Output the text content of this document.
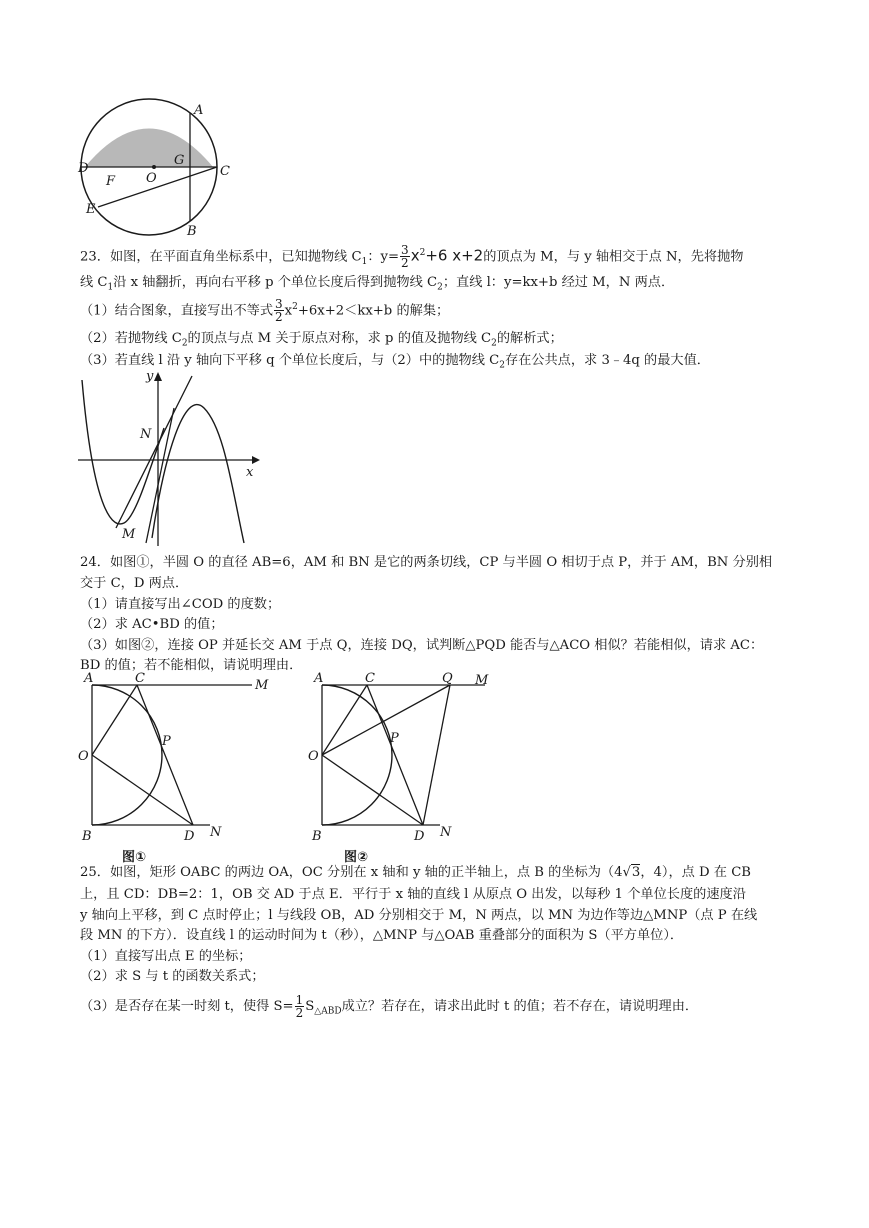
A
D
G
C
F O
E
B
23．如图，在平面直角坐标系中，已知抛物线 $C_1$：$y= \frac{3}{2} x^2+6$ x+2的顶点为 M，与 y 轴相交于点 N，先将抛物
线 $C_1$沿 x 轴翻折，再向右平移 p 个单位长度后得到抛物线 $C_2$；直线 l：y=kx+b 经过 M，N 两点．
（1）结合图象，直接写出不等式 $\frac{3}{2} x^2+6x+2<kx+b$ 的解集；
（2）若抛物线 $C_2$的顶点与点 M 关于原点对称，求 p 的值及抛物线 $C_2$的解析式；
（3）若直线 l 沿 y 轴向下平移 q 个单位长度后，与（2）中的抛物线 $C_2$存在公共点，求 3﹣4q 的最大值．
y
N
x
M
24．如图①，半圆 O 的直径 AB=6，AM 和 BN 是它的两条切线，CP 与半圆 O 相切于点 P，并于 AM，BN 分别相
交于 C，D 两点．
（1）请直接写出∠COD 的度数；
（2）求 AC•BD 的值；
（3）如图②，连接 OP 并延长交 AM 于点 Q，连接 DQ，试判断△PQD 能否与△ACO 相似？若能相似，请求 AC：
BD 的值；若不能相似，请说明理由．
A	C	M
P
O
B	D N
图①
A	C	Q M
P
O
B	D N
图②
25．如图，矩形 OABC 的两边 OA，OC 分别在 x 轴和 y 轴的正半轴上，点 B 的坐标为（4√3，4），点 D 在 CB
上，且 CD：DB=2：1，OB 交 AD 于点 E．平行于 x 轴的直线 l 从原点 O 出发，以每秒 1 个单位长度的速度沿
y 轴向上平移，到 C 点时停止；l 与线段 OB，AD 分别相交于 M，N 两点，以 MN 为边作等边△MNP（点 P 在线
段 MN 的下方）．设直线 l 的运动时间为 t（秒），△MNP 与△OAB 重叠部分的面积为 S（平方单位）．
（1）直接写出点 E 的坐标；
（2）求 S 与 t 的函数关系式；
（3）是否存在某一时刻 t，使得 $S= \frac{1}{2} S_{\triangle ABD}$成立？若存在，请求出此时 t 的值；若不存在，请说明理由．
